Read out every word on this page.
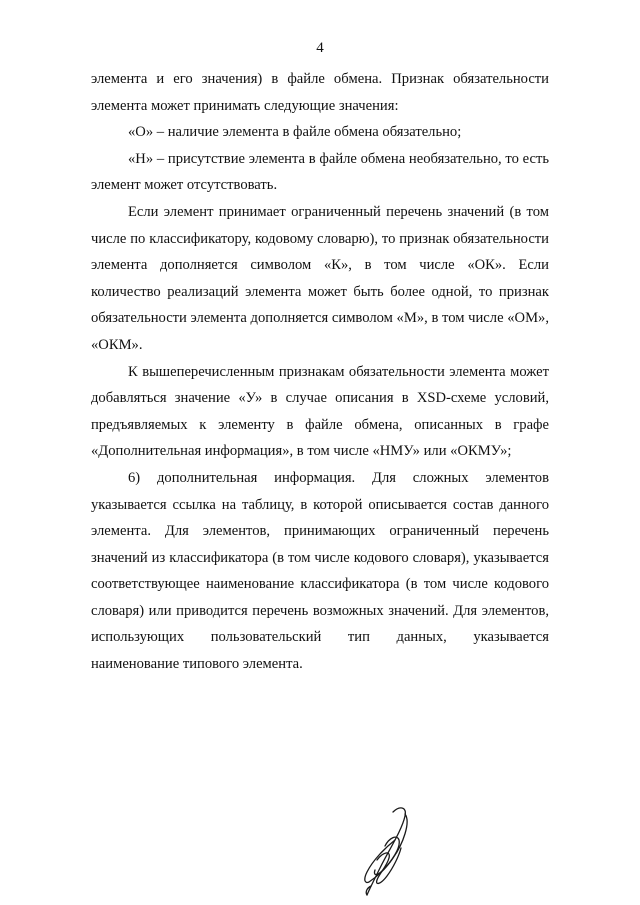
4

элемента и его значения) в файле обмена. Признак обязательности элемента может принимать следующие значения:

«О» – наличие элемента в файле обмена обязательно;

«Н» – присутствие элемента в файле обмена необязательно, то есть элемент может отсутствовать.

Если элемент принимает ограниченный перечень значений (в том числе по классификатору, кодовому словарю), то признак обязательности элемента дополняется символом «К», в том числе «ОК». Если количество реализаций элемента может быть более одной, то признак обязательности элемента дополняется символом «М», в том числе «ОМ», «ОКМ».

К вышеперечисленным признакам обязательности элемента может добавляться значение «У» в случае описания в XSD-схеме условий, предъявляемых к элементу в файле обмена, описанных в графе «Дополнительная информация», в том числе «НМУ» или «ОКМУ»;

6) дополнительная информация. Для сложных элементов указывается ссылка на таблицу, в которой описывается состав данного элемента. Для элементов, принимающих ограниченный перечень значений из классификатора (в том числе кодового словаря), указывается соответствующее наименование классификатора (в том числе кодового словаря) или приводится перечень возможных значений. Для элементов, использующих пользовательский тип данных, указывается наименование типового элемента.
